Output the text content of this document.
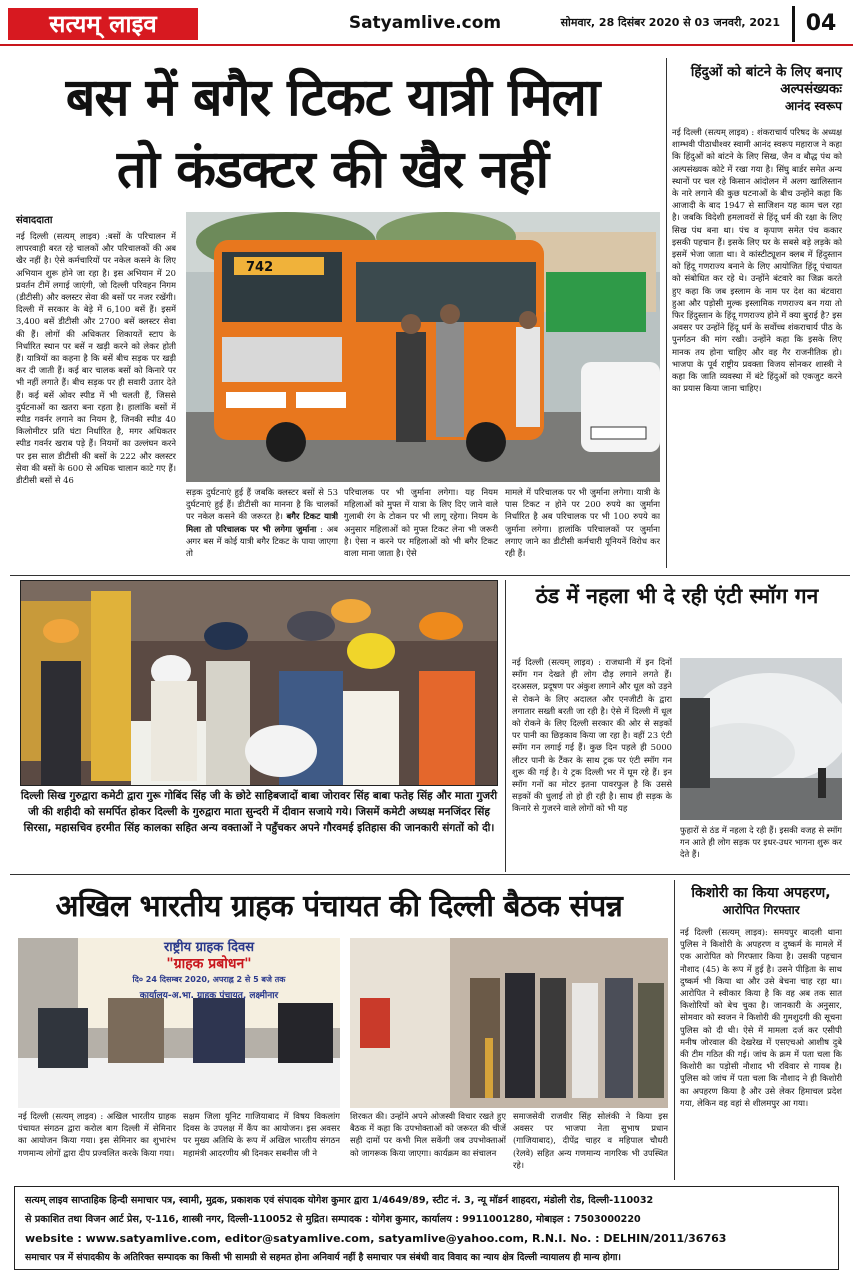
सत्यम् लाइव	Satyamlive.com	सोमवार, 28 दिसंबर 2020 से 03 जनवरी, 2021	04
बस में बगैर टिकट यात्री मिला
तो कंडक्टर की खैर नहीं
संवाददाता
नई दिल्ली (सत्यम् लाइव) :बसों के परिचालन में लापरवाही बरत रहे चालकों और परिचालकों की अब खैर नहीं है। ऐसे कर्मचारियों पर नकेल कसने के लिए अभियान शुरू होने जा रहा है। इस अभियान में 20 प्रवर्तन टीमें लगाई जाएंगी, जो दिल्ली परिवहन निगम (डीटीसी) और क्लस्टर सेवा की बसों पर नजर रखेंगी। दिल्ली में सरकार के बेड़े में 6,100 बसें हैं। इसमें 3,400 बसें डीटीसी और 2700 बसें क्लस्टर सेवा की हैं। लोगों की अधिकतर शिकायतें स्टाप के निर्धारित स्थान पर बसें न खड़ी करने को लेकर होती हैं। यात्रियों का कहना है कि बसें बीच सड़क पर खड़ी कर दी जाती हैं। कई बार चालक बसों को किनारे पर भी नहीं लगाते हैं। बीच सड़क पर ही सवारी उतार देते हैं। कई बसें ओवर स्पीड में भी चलती हैं, जिससे दुर्घटनाओं का खतरा बना रहता है। हालांकि बसों में स्पीड गवर्नर लगाने का नियम है, जिनकी स्पीड 40 किलोमीटर प्रति घंटा निर्धारित है, मगर अधिकतर स्पीड गवर्नर खराब पड़े हैं। नियमों का उल्लंघन करने पर इस साल डीटीसी की बसों के 222 और क्लस्टर सेवा की बसों के 600 से अधिक चालान काटे गए हैं। डीटीसी बसों से 46
742
सड़क दुर्घटनाएं हुई हैं जबकि क्लस्टर बसों से 53 दुर्घटनाएं हुई हैं। डीटीसी का मानना है कि चालकों पर नकेल कसने की जरूरत है। बगैर टिकट यात्री मिला तो परिचालक पर भी लगेगा जुर्माना : अब अगर बस में कोई यात्री बगैर टिकट के पाया जाएगा तो
परिचालक पर भी जुर्माना लगेगा। यह नियम महिलाओं को मुफ्त में यात्रा के लिए दिए जाने वाले गुलाबी रंग के टोकन पर भी लागू रहेगा। नियम के अनुसार महिलाओं को मुफ्त टिकट लेना भी जरूरी है। ऐसा न करने पर महिलाओं को भी बगैर टिकट वाला माना जाता है। ऐसे
मामले में परिचालक पर भी जुर्माना लगेगा। यात्री के पास टिकट न होने पर 200 रुपये का जुर्माना निर्धारित है अब परिचालक पर भी 100 रुपये का जुर्माना लगेगा। हालांकि परिचालकों पर जुर्माना लगाए जाने का डीटीसी कर्मचारी यूनियनें विरोध कर रही हैं।
हिंदुओं को बांटने के लिए बनाए अल्पसंख्यकः
आनंद स्वरूप
नई दिल्ली (सत्यम् लाइव) : शंकराचार्य परिषद के अध्यक्ष शाम्भवी पीठाधीश्वर स्वामी आनंद स्वरूप महाराज ने कहा कि हिंदुओं को बांटने के लिए सिख, जैन व बौद्ध पंथ को अल्पसंख्यक कोटे में रखा गया है। सिंघु बार्डर समेत अन्य स्थानों पर चल रहे किसान आंदोलन में अलग खालिस्तान के नारे लगाने की कुछ घटनाओं के बीच उन्होंने कहा कि आजादी के बाद 1947 से साजिशन यह काम चल रहा है। जबकि विदेशी हमलावरों से हिंदू धर्म की रक्षा के लिए सिख पंथ बना था। पंच व कृपाण समेत पंच ककार इसकी पहचान हैं। इसके लिए घर के सबसे बड़े लड़के को इसमें भेजा जाता था। वे कांस्टीट्यूशन क्लब में हिंदुस्तान को हिंदू गणराज्य बनाने के लिए आयोजित हिंदू पंचायत को संबोधित कर रहे थे। उन्होंने बंटवारे का जिक्र करते हुए कहा कि जब इस्लाम के नाम पर देश का बंटवारा हुआ और पड़ोसी मुल्क इस्लामिक गणराज्य बन गया तो फिर हिंदुस्तान के हिंदू गणराज्य होने में क्या बुराई है? इस अवसर पर उन्होंने हिंदू धर्म के सर्वोच्च शंकराचार्य पीठ के पुनर्गठन की मांग रखी। उन्होंने कहा कि इसके लिए मानक तय होना चाहिए और वह गैर राजनीतिक हो। भाजपा के पूर्व राष्ट्रीय प्रवक्ता विजय सोनकर शास्त्री ने कहा कि जाति व्यवस्था में बंटे हिंदुओं को एकजुट करने का प्रयास किया जाना चाहिए।
दिल्ली सिख गुरुद्वारा कमेटी द्वारा गुरू गोबिंद सिंह जी के छोटे साहिबजादों बाबा जोरावर सिंह बाबा फतेह सिंह और माता गुजरी जी की शहीदी को समर्पित होकर दिल्ली के गुरुद्वारा माता सुन्दरी में दीवान सजाये गये। जिसमें कमेटी अध्यक्ष मनजिंदर सिंह सिरसा, महासचिव हरमीत सिंह कालका सहित अन्य वक्ताओं ने पहुँचकर अपने गौरवमई इतिहास की जानकारी संगतों को दी।
ठंड में नहला भी दे रही एंटी स्मॉग गन
नई दिल्ली (सत्यम् लाइव) : राजधानी में इन दिनों स्मॉग गन देखते ही लोग दौड़ लगाने लगते हैं। दरअसल, प्रदूषण पर अंकुश लगाने और धूल को उड़ने से रोकने के लिए अदालत और एनजीटी के द्वारा लगातार सख्ती बरती जा रही है। ऐसे में दिल्ली में धूल को रोकने के लिए दिल्ली सरकार की ओर से सड़कों पर पानी का छिड़काव किया जा रहा है। वहीं 23 एंटी स्मॉग गन लगाई गई हैं। कुछ दिन पहले ही 5000 लीटर पानी के टैंकर के साथ ट्रक पर एंटी स्मॉग गन शुरू की गई है। ये ट्रक दिल्ली भर में घूम रहे हैं। इन स्मॉग गनों का मोटर इतना पावरफुल है कि उससे सड़कों की धुलाई तो हो ही रही है। साथ ही सड़क के किनारे से गुजरने वाले लोगों को भी यह
फुहारों से ठंड में नहला दे रही हैं। इसकी वजह से स्मॉग गन आते ही लोग सड़क पर इधर-उधर भागना शुरू कर देते हैं।
अखिल भारतीय ग्राहक पंचायत की दिल्ली बैठक संपन्न
राष्ट्रीय ग्राहक दिवस
"ग्राहक प्रबोधन"
दि० 24 दिसम्बर 2020, अपराह्न 2 से 5 बजे तक
कार्यालय-अ.भा. ग्राहक पंचायत, लक्ष्मीनार
नई दिल्ली (सत्यम् लाइव) : अखिल भारतीय ग्राहक पंचायत संगठन द्वारा करोल बाग दिल्ली में सेमिनार का आयोजन किया गया। इस सेमिनार का शुभारंभ गणमान्य लोगों द्वारा दीप प्रज्वलित करके किया गया।
सक्षम जिला यूनिट गाजियाबाद में विषय विकलांग दिवस के उपलक्ष में कैंप का आयोजन। इस अवसर पर मुख्य अतिथि के रूप में अखिल भारतीय संगठन महामंत्री आदरणीय श्री दिनकर सबनीस जी ने
शिरकत की। उन्होंने अपने ओजस्वी विचार रखते हुए बैठक में कहा कि उपभोक्ताओं को जरूरत की चीजें सही दामों पर कभी मिल सकेंगी जब उपभोक्ताओं को जागरूक किया जाएगा। कार्यक्रम का संचालन
समाजसेवी राजवीर सिंह सोलंकी ने किया इस अवसर पर भाजपा नेता सुभाष प्रधान (गाजियाबाद), दीपेंद्र चाहर व महिपाल चौधरी (रेलवे) सहित अन्य गणमान्य नागरिक भी उपस्थित रहे।
किशोरी का किया अपहरण,
आरोपित गिरफ्तार
नई दिल्ली (सत्यम् लाइव): समयपुर बादली थाना पुलिस ने किशोरी के अपहरण व दुष्कर्म के मामले में एक आरोपित को गिरफ्तार किया है। उसकी पहचान नौशाद (45) के रूप में हुई है। उसने पीड़िता के साथ दुष्कर्म भी किया था और उसे बेचना चाह रहा था। आरोपित ने स्वीकार किया है कि वह अब तक सात किशोरियों को बेच चुका है। जानकारी के अनुसार, सोमवार को स्वजन ने किशोरी की गुमशुदगी की सूचना पुलिस को दी थी। ऐसे में मामला दर्ज कर एसीपी मनीष जोरवाल की देखरेख में एसएचओ आशीष दुबे की टीम गठित की गई। जांच के क्रम में पता चला कि किशोरी का पड़ोसी नौशाद भी रविवार से गायब है। पुलिस को जांच में पता चला कि नौशाद ने ही किशोरी का अपहरण किया है और उसे लेकर हिमाचल प्रदेश गया, लेकिन वह वहां से शीलमपुर आ गया।
सत्यम् लाइव साप्ताहिक हिन्दी समाचार पत्र, स्वामी, मुद्रक, प्रकाशक एवं संपादक योगेश कुमार द्वारा 1/4649/89, स्टीट नं. 3, न्यू मॉडर्न शाहदरा, मंडोली रोड, दिल्ली-110032
से प्रकाशित तथा विजन आर्ट प्रेस, ए-116, शास्त्री नगर, दिल्ली-110052 से मुद्रित। सम्पादक : योगेश कुमार, कार्यालय : 9911001280, मोबाइल : 7503000220
website : www.satyamlive.com, editor@satyamlive.com, satyamlive@yahoo.com, R.N.I. No. : DELHIN/2011/36763
समाचार पत्र में संपादकीय के अतिरिक्त सम्पादक का किसी भी सामग्री से सहमत होना अनिवार्य नहीं है समाचार पत्र संबंधी वाद विवाद का न्याय क्षेत्र दिल्ली न्यायालय ही मान्य होगा।
